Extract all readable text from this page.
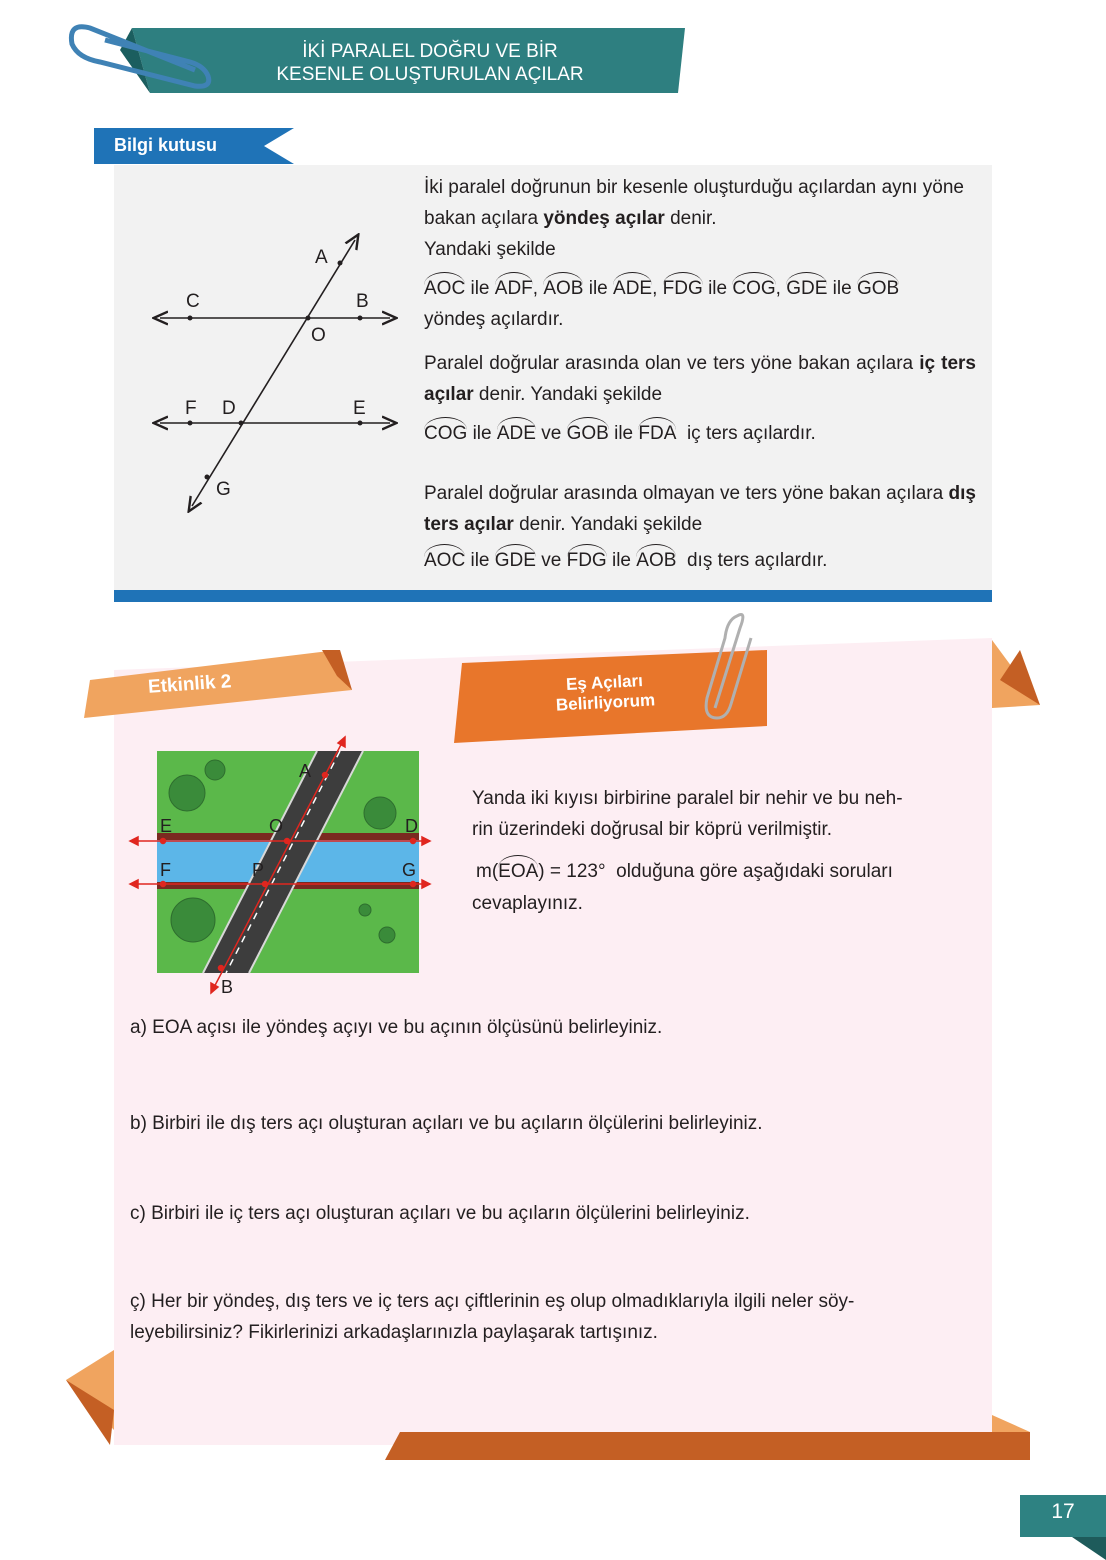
İKİ PARALEL DOĞRU VE BİR
KESENLE OLUŞTURULAN AÇILAR
Bilgi kutusu
A
C	B
O
F D	E
G
İki paralel doğrunun bir kesenle oluşturduğu açılardan aynı yöne bakan açılara yöndeş açılar denir.
Yandaki şekilde
AOC ile ADF, AOB ile ADE, FDG ile COG, GDE ile GOB
yöndeş açılardır.
Paralel doğrular arasında olan ve ters yöne bakan açılara iç ters açılar denir. Yandaki şekilde
COG ile ADE ve GOB ile FDA iç ters açılardır.
Paralel doğrular arasında olmayan ve ters yöne bakan açılara dış ters açılar denir. Yandaki şekilde
AOC ile GDE ve FDG ile AOB dış ters açılardır.
Etkinlik 2	Eş Açıları
Belirliyorum
A
E	O	D
F	P	G
B
Yanda iki kıyısı birbirine paralel bir nehir ve bu neh-
rin üzerindeki doğrusal bir köprü verilmiştir.
m(EOA) = 123° olduğuna göre aşağıdaki soruları
cevaplayınız.
a) EOA açısı ile yöndeş açıyı ve bu açının ölçüsünü belirleyiniz.
b) Birbiri ile dış ters açı oluşturan açıları ve bu açıların ölçülerini belirleyiniz.
c) Birbiri ile iç ters açı oluşturan açıları ve bu açıların ölçülerini belirleyiniz.
ç) Her bir yöndeş, dış ters ve iç ters açı çiftlerinin eş olup olmadıklarıyla ilgili neler söy-
leyebilirsiniz? Fikirlerinizi arkadaşlarınızla paylaşarak tartışınız.
17
